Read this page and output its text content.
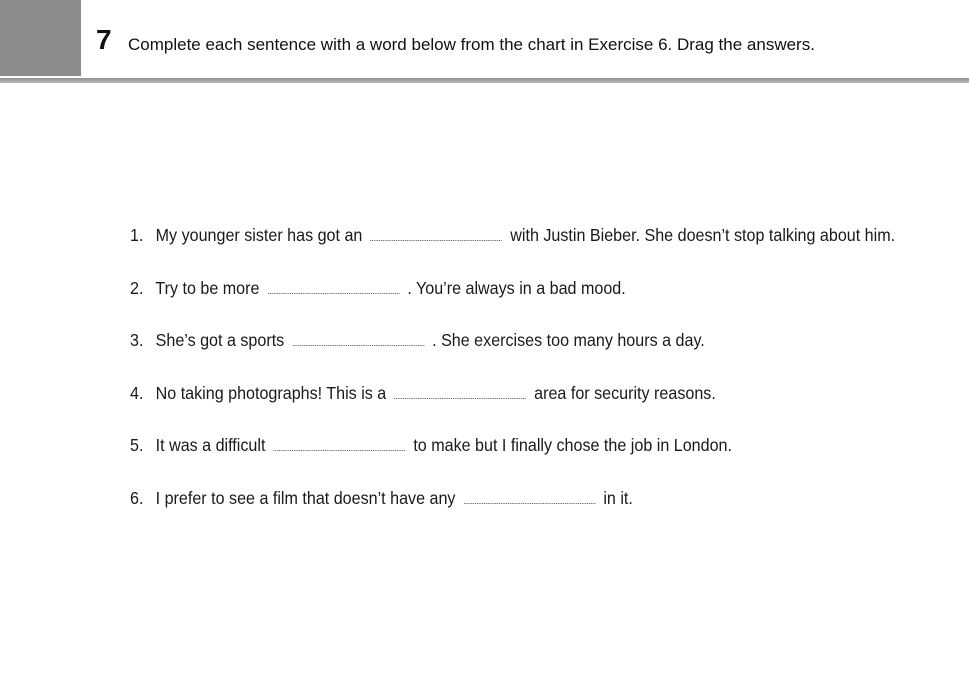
7 Complete each sentence with a word below from the chart in Exercise 6. Drag the answers.
1. My younger sister has got an	with Justin Bieber. She doesn’t stop talking about him.
2. Try to be more	. You’re always in a bad mood.
3. She’s got a sports	. She exercises too many hours a day.
4. No taking photographs! This is a	area for security reasons.
5. It was a difficult	to make but I finally chose the job in London.
6. I prefer to see a film that doesn’t have any	in it.
